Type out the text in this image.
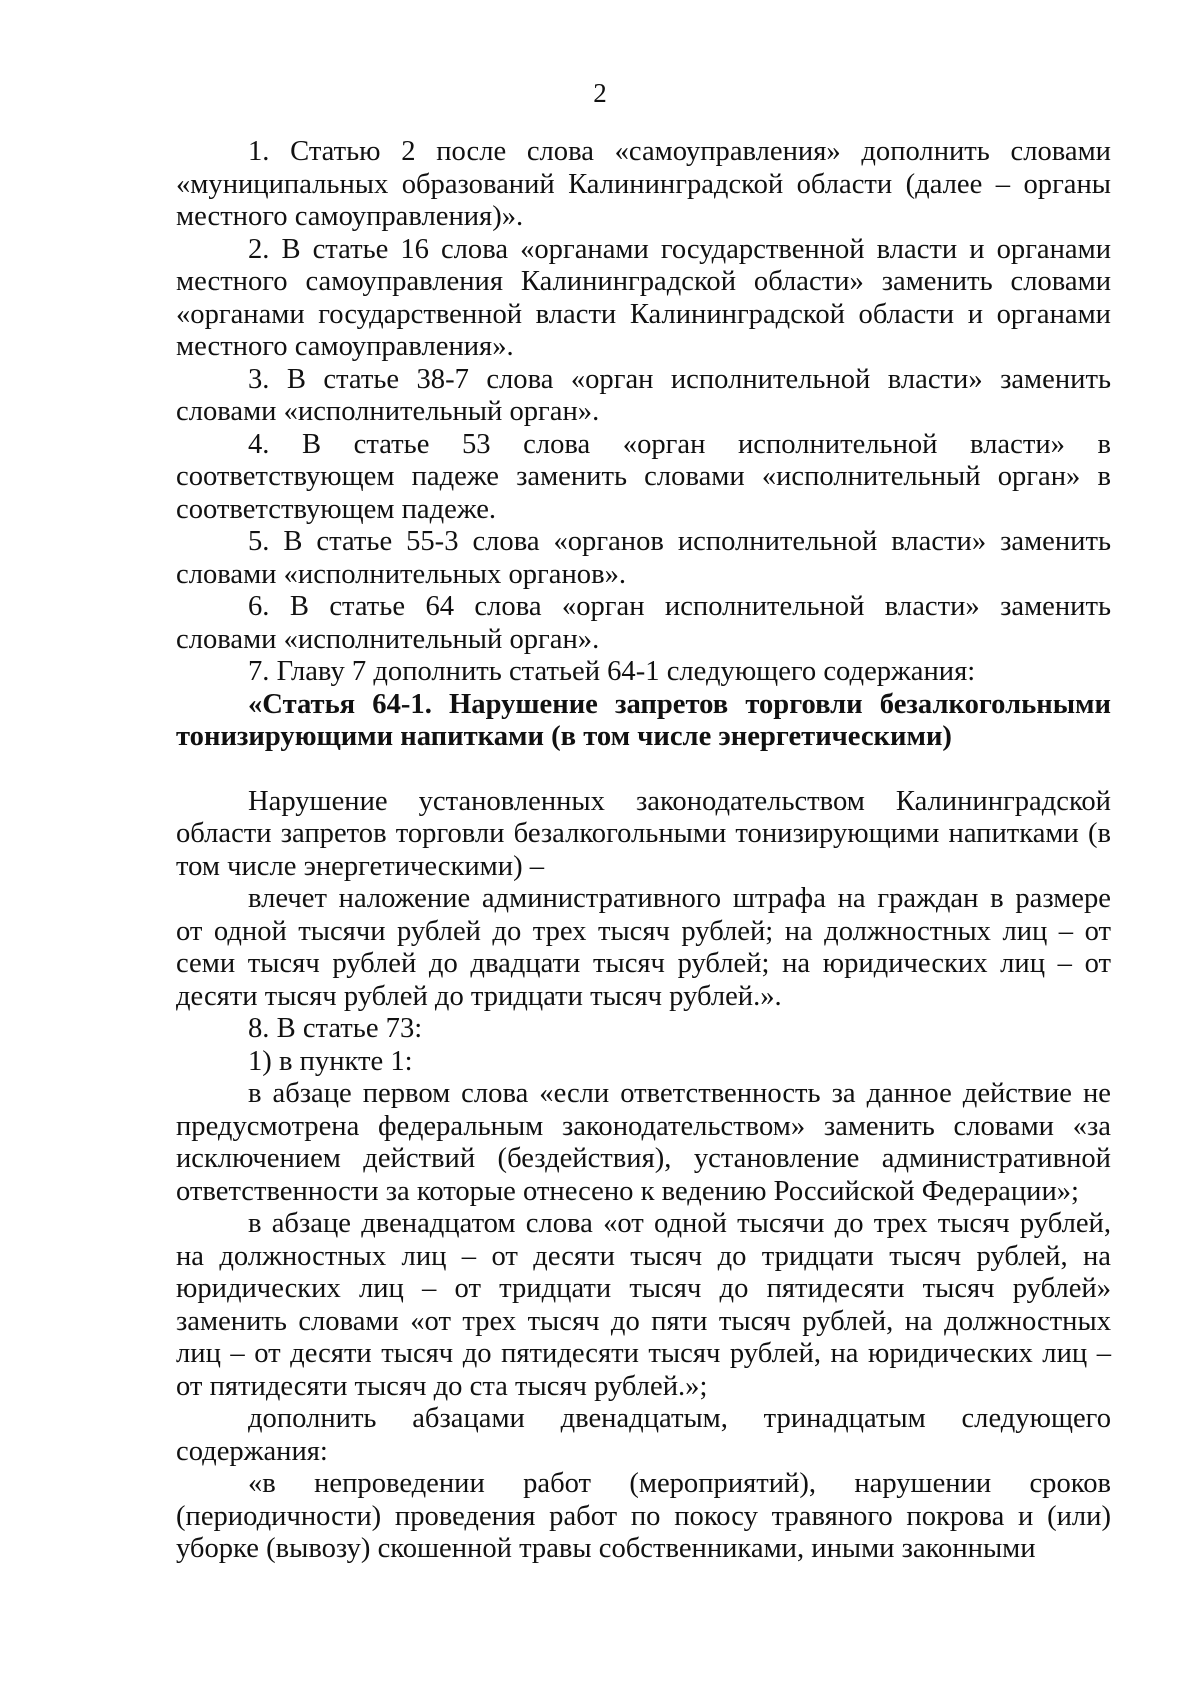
2

1. Статью 2 после слова «самоуправления» дополнить словами «муниципальных образований Калининградской области (далее – органы местного самоуправления)».

2. В статье 16 слова «органами государственной власти и органами местного самоуправления Калининградской области» заменить словами «органами государственной власти Калининградской области и органами местного самоуправления».

3. В статье 38-7 слова «орган исполнительной власти» заменить словами «исполнительный орган».

4. В статье 53 слова «орган исполнительной власти» в соответствующем падеже заменить словами «исполнительный орган» в соответствующем падеже.

5. В статье 55-3 слова «органов исполнительной власти» заменить словами «исполнительных органов».

6. В статье 64 слова «орган исполнительной власти» заменить словами «исполнительный орган».

7. Главу 7 дополнить статьей 64-1 следующего содержания:

«Статья 64-1. Нарушение запретов торговли безалкогольными тонизирующими напитками (в том числе энергетическими)

Нарушение установленных законодательством Калининградской области запретов торговли безалкогольными тонизирующими напитками (в том числе энергетическими) –

влечет наложение административного штрафа на граждан в размере от одной тысячи рублей до трех тысяч рублей; на должностных лиц – от семи тысяч рублей до двадцати тысяч рублей; на юридических лиц – от десяти тысяч рублей до тридцати тысяч рублей.».

8. В статье 73:

1) в пункте 1:

в абзаце первом слова «если ответственность за данное действие не предусмотрена федеральным законодательством» заменить словами «за исключением действий (бездействия), установление административной ответственности за которые отнесено к ведению Российской Федерации»;

в абзаце двенадцатом слова «от одной тысячи до трех тысяч рублей, на должностных лиц – от десяти тысяч до тридцати тысяч рублей, на юридических лиц – от тридцати тысяч до пятидесяти тысяч рублей» заменить словами «от трех тысяч до пяти тысяч рублей, на должностных лиц – от десяти тысяч до пятидесяти тысяч рублей, на юридических лиц – от пятидесяти тысяч до ста тысяч рублей.»;

дополнить абзацами двенадцатым, тринадцатым следующего содержания:

«в непроведении работ (мероприятий), нарушении сроков (периодичности) проведения работ по покосу травяного покрова и (или) уборке (вывозу) скошенной травы собственниками, иными законными
